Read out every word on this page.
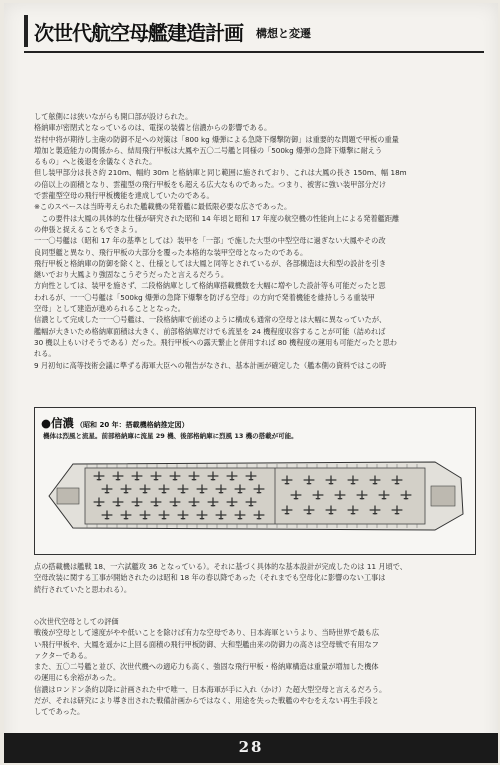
次世代航空母艦建造計画 構想と変遷

して舷側には狭いながらも開口部が設けられた。

格納庫が密閉式となっているのは、電探の装備と信濃からの影響である。

岩村中将が期待し主砲の防御不足への対策は「800 kg 爆弾による急降下爆撃防御」は重要的な問題で甲板の重量

増加と製造能力の関係から、結局飛行甲板は大鳳や五〇二号艦と同様の「500kg 爆弾の急降下爆撃に耐えう

るもの」へと後退を余儀なくされた。

但し装甲部分は長さ約 210m、幅約 30m と格納庫と同じ範囲に施されており、これは大鳳の長さ 150m、幅 18m

の倍以上の面積となり、雲龍型の飛行甲板をも超える広大なものであった。つまり、被害に強い装甲部分だけ

で雲龍型空母の飛行甲板機能を達成していたのである。

※このスペースは当時考えられた艦載機の発着艦に最低限必要な広さであった。

　この要件は大鳳の具体的な仕様が研究された昭和 14 年頃と昭和 17 年度の航空機の性能向上による発着艦距離

の伸張と捉えることもできよう。

一一〇号艦は（昭和 17 年の基準としては）装甲を「一部」で施した大型の中型空母に過ぎない大鳳やその改

良同型艦と異なり、飛行甲板の大部分を覆った本格的な装甲空母となったのである。

飛行甲板と格納庫の防御を除くと、仕様としては大鳳と同等とされているが、各部構造は大和型の設計を引き

継いでおり大鳳より強固なこうぞうだったと言えるだろう。

方向性としては、装甲を施さず、二段格納庫として格納庫搭載機数を大幅に増やした設計等も可能だったと思

われるが、一一〇号艦は「500kg 爆弾の急降下爆撃を防げる空母」の方向で発着機能を維持しうる重装甲

空母」として建造が進められることとなった。

信濃として完成した一一〇号艦は、一段格納庫で前述のように構成も通常の空母とは大幅に異なっていたが、

艦幅が大きいため格納庫面積は大きく、前部格納庫だけでも流星を 24 機程度収容することが可能（詰めれば

30 機以上もいけそうである）だった。飛行甲板への露天繋止と併用すれば 80 機程度の運用も可能だったと思わ

れる。

9 月初旬に高等技術会議に準ずる海軍大臣への報告がなされ、基本計画が確定した（艦本側の資料ではこの時

●信濃 （昭和 20 年：搭載機格納推定図）
機体は烈風と流星。前部格納庫に流星 29 機、後部格納庫に烈風 13 機の搭載が可能。

点の搭載機は艦戦 18、一六試艦攻 36 となっている）。それに基づく具体的な基本設計が完成したのは 11 月頃で、

空母改装に関する工事が開始されたのは昭和 18 年の春以降であった（それまでも空母化に影響のない工事は

続行されていたと思われる）。

◇次世代空母としての評価

戦後が空母として速度がやや低いことを除けば有力な空母であり、日本海軍というより、当時世界で最も広

い飛行甲板や、大鳳を遥かに上回る面積の飛行甲板防御、大和型艦由来の防御力の高さは空母戦で有用なフ

ァクターである。

また、五〇二号艦と並び、次世代機への適応力も高く、強固な飛行甲板・格納庫構造は重量が増加した機体

の運用にも余裕があった。

信濃はロンドン条約以降に計画された中で唯一、日本海軍が手に入れ（かけ）た超大型空母と言えるだろう。

だが、それは研究により導き出された戦備計画からではなく、用途を失った戦艦のやむをえない再生手段と

してであった。

28
